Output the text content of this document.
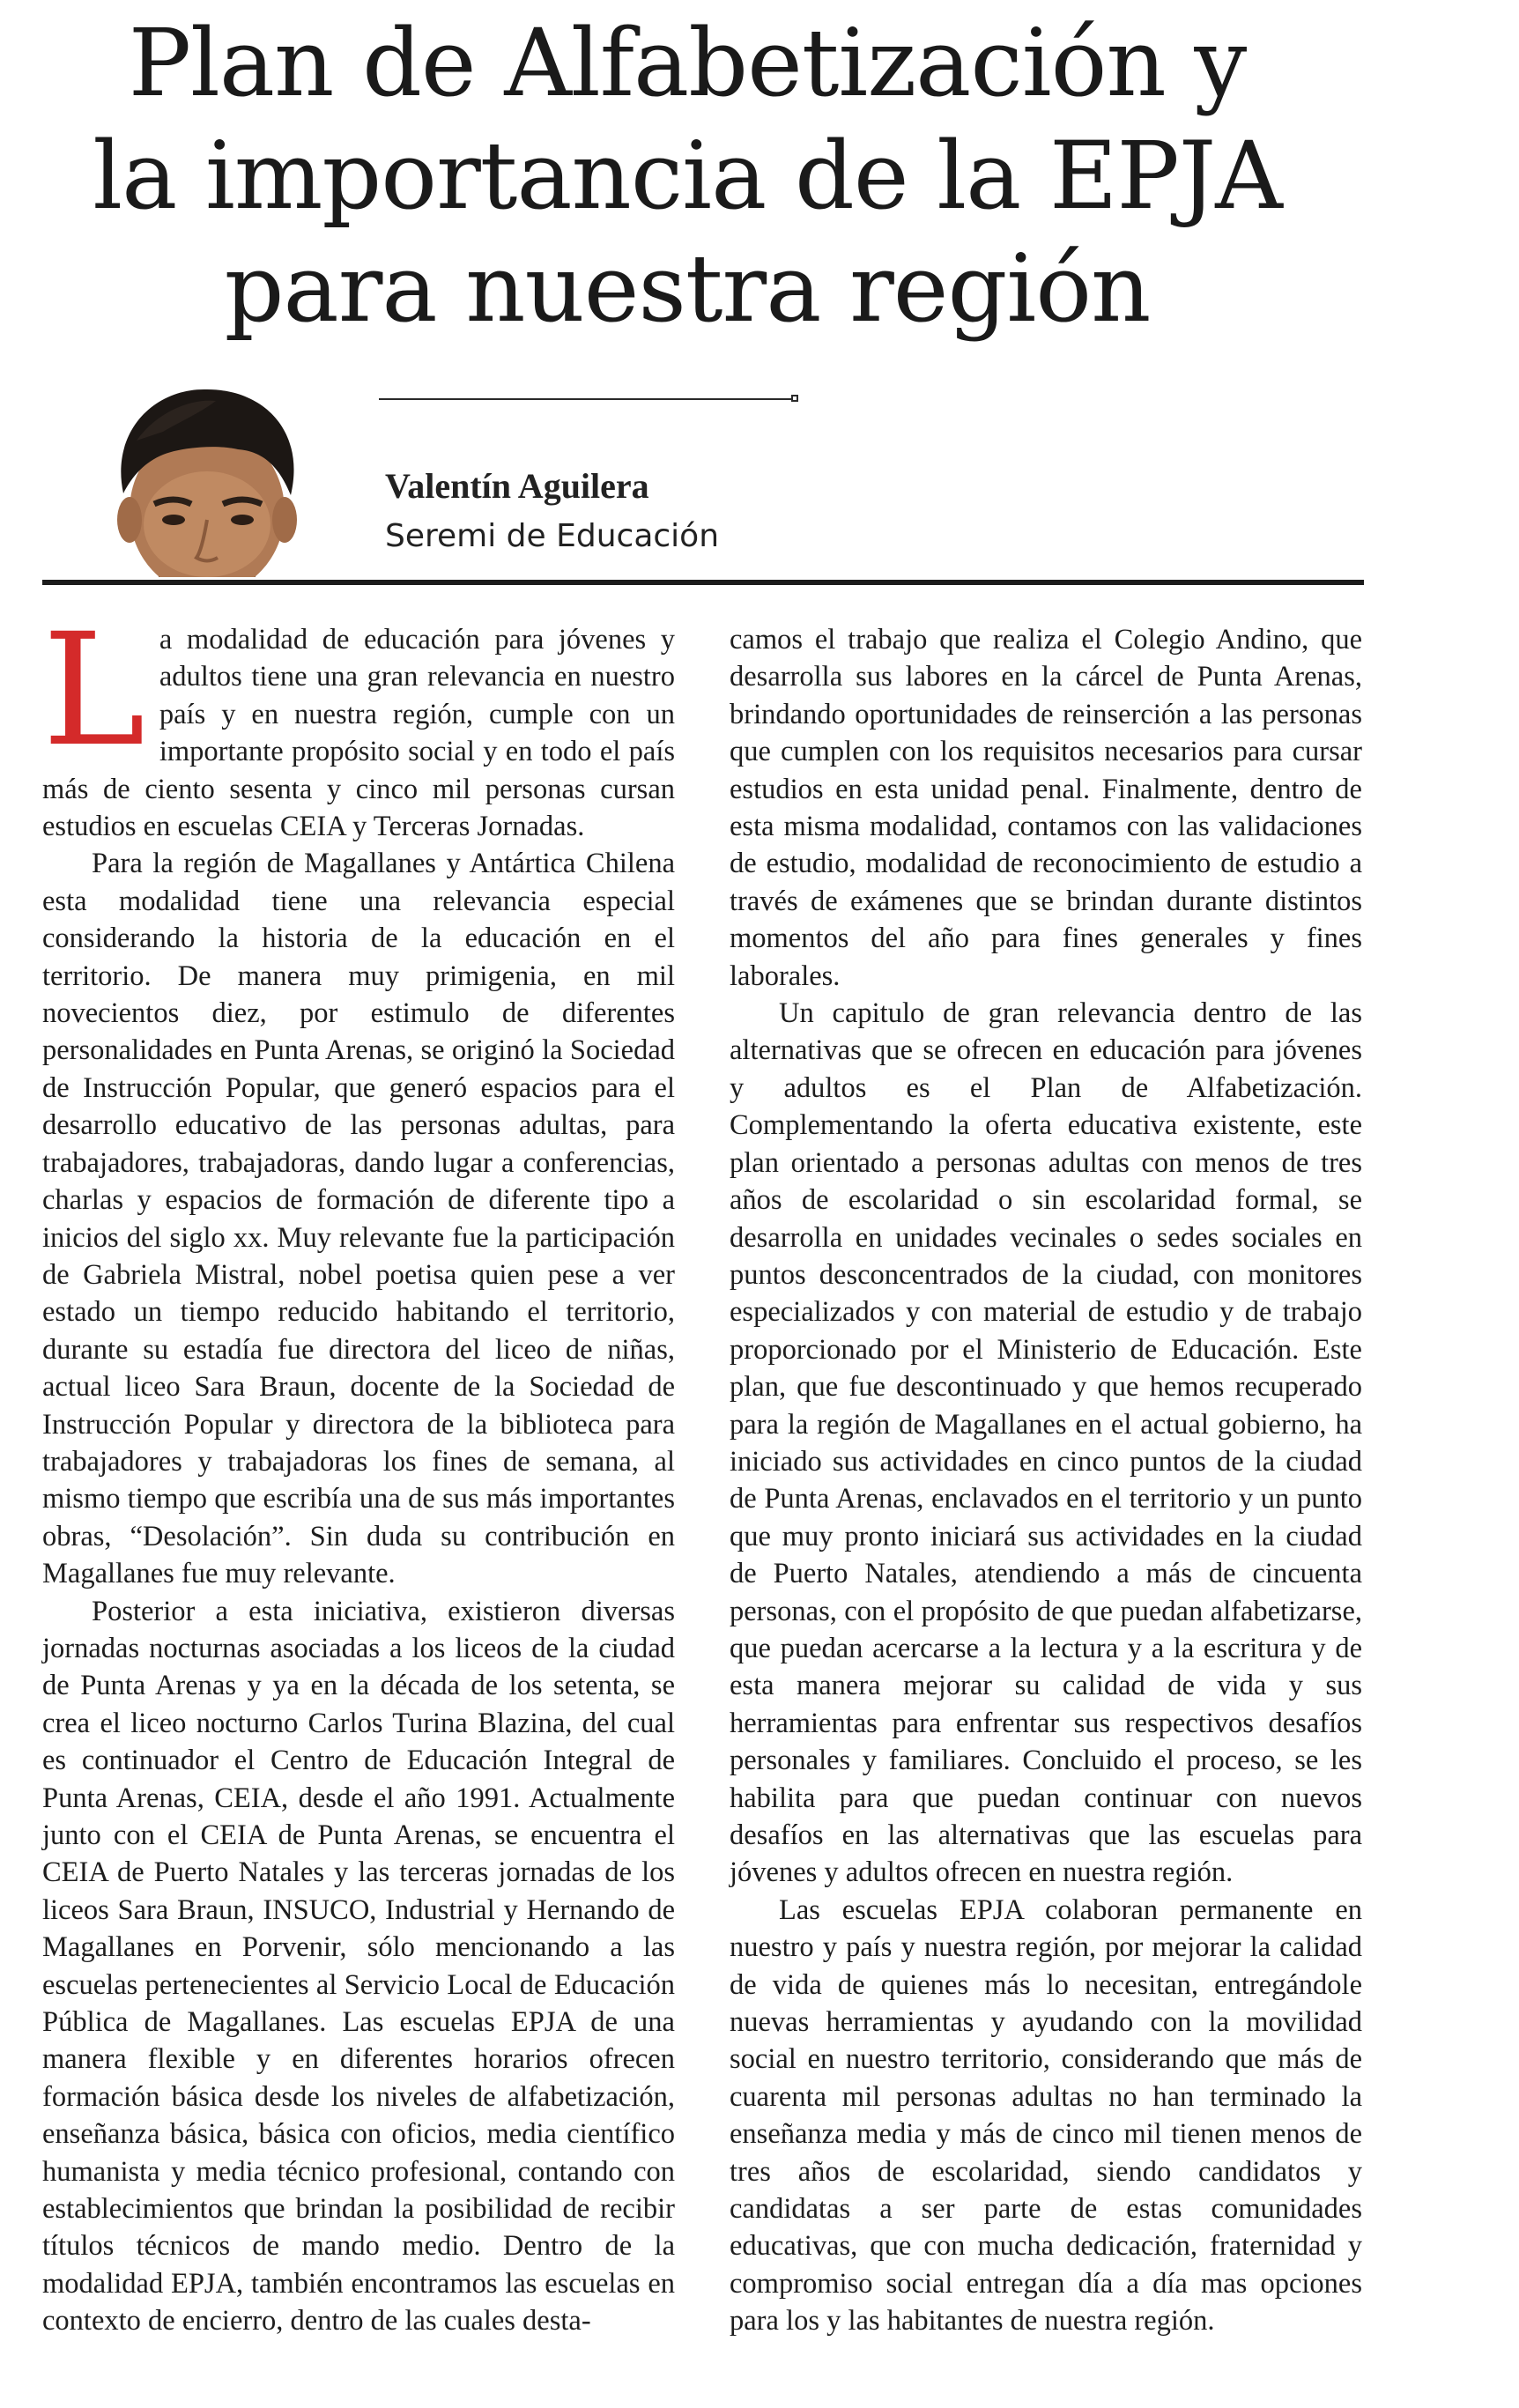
Plan de Alfabetización y
la importancia de la EPJA
para nuestra región

Valentín Aguilera

Seremi de Educación

L a modalidad de educación para jóvenes y adultos tiene una gran relevancia en nuestro país y en nuestra región, cumple con un importante propósito social y en todo el país más de ciento sesenta y cinco mil personas cursan estudios en escuelas CEIA y Terceras Jornadas.

Para la región de Magallanes y Antártica Chilena esta modalidad tiene una relevancia especial considerando la historia de la educación en el territorio. De manera muy primigenia, en mil novecientos diez, por estimulo de diferentes personalidades en Punta Arenas, se originó la Sociedad de Instrucción Popular, que generó espacios para el desarrollo educativo de las personas adultas, para trabajadores, trabajadoras, dando lugar a conferencias, charlas y espacios de formación de diferente tipo a inicios del siglo xx. Muy relevante fue la participación de Gabriela Mistral, nobel poetisa quien pese a ver estado un tiempo reducido habitando el territorio, durante su estadía fue directora del liceo de niñas, actual liceo Sara Braun, docente de la Sociedad de Instrucción Popular y directora de la biblioteca para trabajadores y trabajadoras los fines de semana, al mismo tiempo que escribía una de sus más importantes obras, “Desolación”. Sin duda su contribución en Magallanes fue muy relevante.

Posterior a esta iniciativa, existieron diversas jornadas nocturnas asociadas a los liceos de la ciudad de Punta Arenas y ya en la década de los setenta, se crea el liceo nocturno Carlos Turina Blazina, del cual es continuador el Centro de Educación Integral de Punta Arenas, CEIA, desde el año 1991. Actualmente junto con el CEIA de Punta Arenas, se encuentra el CEIA de Puerto Natales y las terceras jornadas de los liceos Sara Braun, INSUCO, Industrial y Hernando de Magallanes en Porvenir, sólo mencionando a las escuelas pertenecientes al Servicio Local de Educación Pública de Magallanes. Las escuelas EPJA de una manera flexible y en diferentes horarios ofrecen formación básica desde los niveles de alfabetización, enseñanza básica, básica con oficios, media científico humanista y media técnico profesional, contando con establecimientos que brindan la posibilidad de recibir títulos técnicos de mando medio. Dentro de la modalidad EPJA, también encontramos las escuelas en contexto de encierro, dentro de las cuales desta-

camos el trabajo que realiza el Colegio Andino, que desarrolla sus labores en la cárcel de Punta Arenas, brindando oportunidades de reinserción a las personas que cumplen con los requisitos necesarios para cursar estudios en esta unidad penal. Finalmente, dentro de esta misma modalidad, contamos con las validaciones de estudio, modalidad de reconocimiento de estudio a través de exámenes que se brindan durante distintos momentos del año para fines generales y fines laborales.

Un capitulo de gran relevancia dentro de las alternativas que se ofrecen en educación para jóvenes y adultos es el Plan de Alfabetización. Complementando la oferta educativa existente, este plan orientado a personas adultas con menos de tres años de escolaridad o sin escolaridad formal, se desarrolla en unidades vecinales o sedes sociales en puntos desconcentrados de la ciudad, con monitores especializados y con material de estudio y de trabajo proporcionado por el Ministerio de Educación. Este plan, que fue descontinuado y que hemos recuperado para la región de Magallanes en el actual gobierno, ha iniciado sus actividades en cinco puntos de la ciudad de Punta Arenas, enclavados en el territorio y un punto que muy pronto iniciará sus actividades en la ciudad de Puerto Natales, atendiendo a más de cincuenta personas, con el propósito de que puedan alfabetizarse, que puedan acercarse a la lectura y a la escritura y de esta manera mejorar su calidad de vida y sus herramientas para enfrentar sus respectivos desafíos personales y familiares. Concluido el proceso, se les habilita para que puedan continuar con nuevos desafíos en las alternativas que las escuelas para jóvenes y adultos ofrecen en nuestra región.

Las escuelas EPJA colaboran permanente en nuestro y país y nuestra región, por mejorar la calidad de vida de quienes más lo necesitan, entregándole nuevas herramientas y ayudando con la movilidad social en nuestro territorio, considerando que más de cuarenta mil personas adultas no han terminado la enseñanza media y más de cinco mil tienen menos de tres años de escolaridad, siendo candidatos y candidatas a ser parte de estas comunidades educativas, que con mucha dedicación, fraternidad y compromiso social entregan día a día mas opciones para los y las habitantes de nuestra región.
